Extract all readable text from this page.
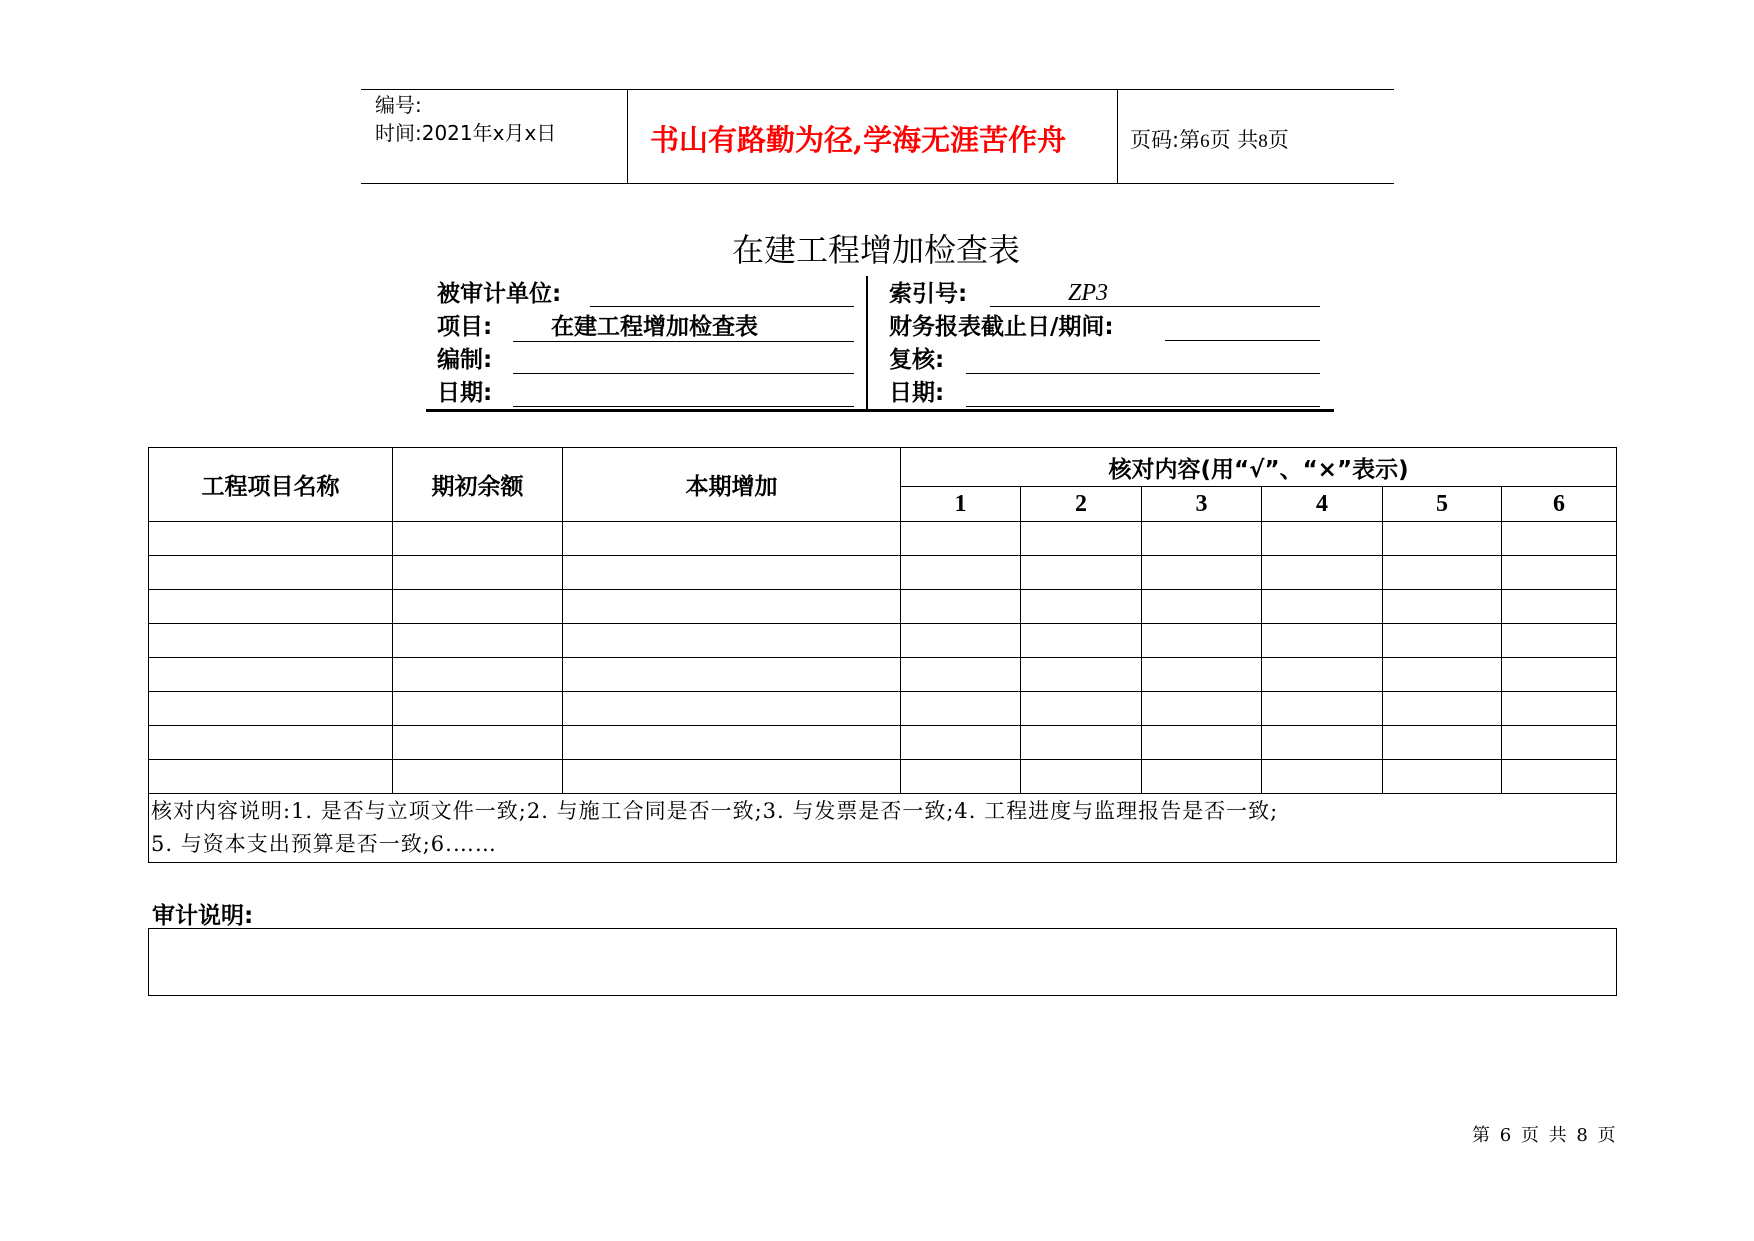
编号:
时间:2021年x月x日	书山有路勤为径,学海无涯苦作舟	页码:第6页 共8页
在建工程增加检查表
被审计单位:
项目:	在建工程增加检查表
编制:
日期:
索引号:	ZP3
财务报表截止日/期间:
复核:
日期:
工程项目名称	期初余额	本期增加	核对内容(用“√”、“×”表示)					
			1	2	3	4	5	6

核对内容说明:1. 是否与立项文件一致;2. 与施工合同是否一致;3. 与发票是否一致;4. 工程进度与监理报告是否一致;
5. 与资本支出预算是否一致;6.……								
审计说明:
第 6 页 共 8 页
